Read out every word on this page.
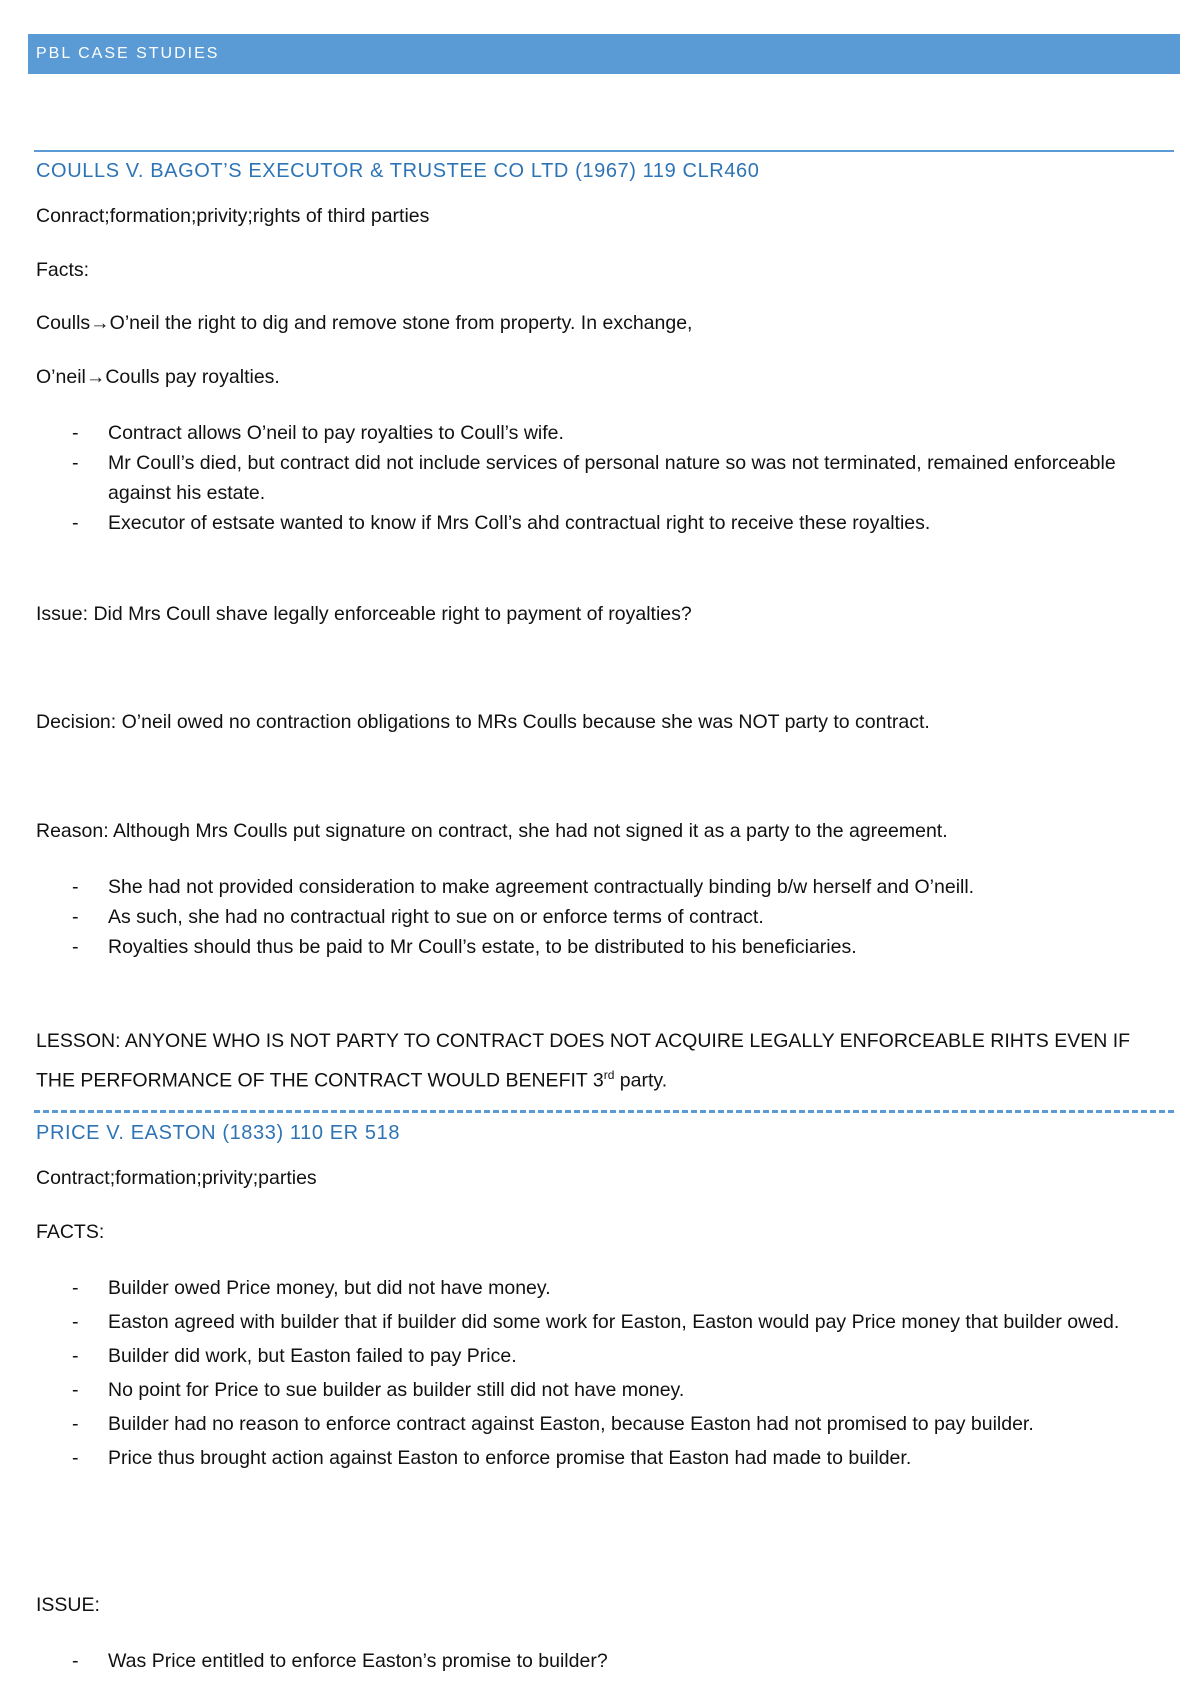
PBL CASE STUDIES
COULLS V. BAGOT’S EXECUTOR & TRUSTEE CO LTD (1967) 119 CLR460
Conract;formation;privity;rights of third parties
Facts:
Coulls→O’neil the right to dig and remove stone from property. In exchange,
O’neil→Coulls pay royalties.
- Contract allows O’neil to pay royalties to Coull’s wife.
- Mr Coull’s died, but contract did not include services of personal nature so was not terminated, remained enforceable against his estate.
- Executor of estsate wanted to know if Mrs Coll’s ahd contractual right to receive these royalties.
Issue: Did Mrs Coull shave legally enforceable right to payment of royalties?
Decision: O’neil owed no contraction obligations to MRs Coulls because she was NOT party to contract.
Reason: Although Mrs Coulls put signature on contract, she had not signed it as a party to the agreement.
- She had not provided consideration to make agreement contractually binding b/w herself and O’neill.
- As such, she had no contractual right to sue on or enforce terms of contract.
- Royalties should thus be paid to Mr Coull’s estate, to be distributed to his beneficiaries.
LESSON: ANYONE WHO IS NOT PARTY TO CONTRACT DOES NOT ACQUIRE LEGALLY ENFORCEABLE RIHTS EVEN IF THE PERFORMANCE OF THE CONTRACT WOULD BENEFIT 3rd party.
PRICE V. EASTON (1833) 110 ER 518
Contract;formation;privity;parties
FACTS:
- Builder owed Price money, but did not have money.
- Easton agreed with builder that if builder did some work for Easton, Easton would pay Price money that builder owed.
- Builder did work, but Easton failed to pay Price.
- No point for Price to sue builder as builder still did not have money.
- Builder had no reason to enforce contract against Easton, because Easton had not promised to pay builder.
- Price thus brought action against Easton to enforce promise that Easton had made to builder.
ISSUE:
- Was Price entitled to enforce Easton’s promise to builder?
